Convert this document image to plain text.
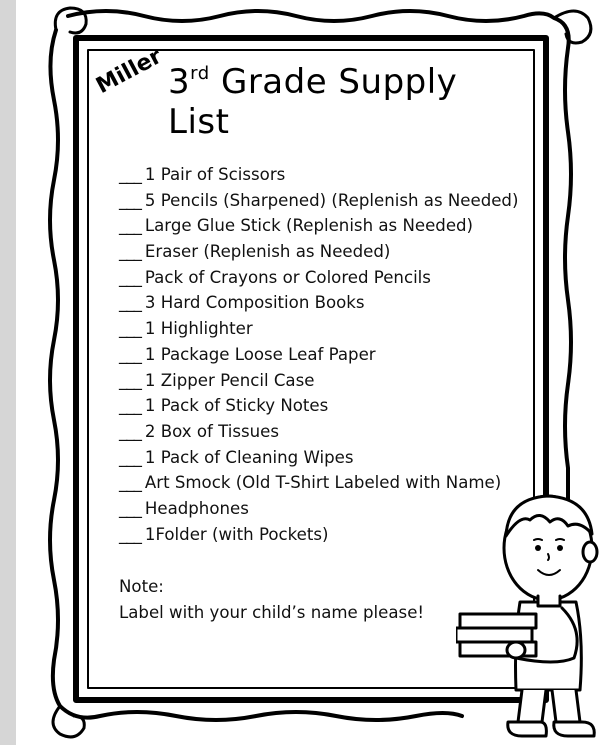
Miller 3rd Grade Supply List
___ 1 Pair of Scissors
___ 5 Pencils (Sharpened) (Replenish as Needed)
___ Large Glue Stick (Replenish as Needed)
___ Eraser (Replenish as Needed)
___ Pack of Crayons or Colored Pencils
___ 3 Hard Composition Books
___ 1 Highlighter
___ 1 Package Loose Leaf Paper
___ 1 Zipper Pencil Case
___ 1 Pack of Sticky Notes
___ 2 Box of Tissues
___ 1 Pack of Cleaning Wipes
___ Art Smock (Old T-Shirt Labeled with Name)
___ Headphones
___ 1Folder (with Pockets)
Note:
Label with your child’s name please!
